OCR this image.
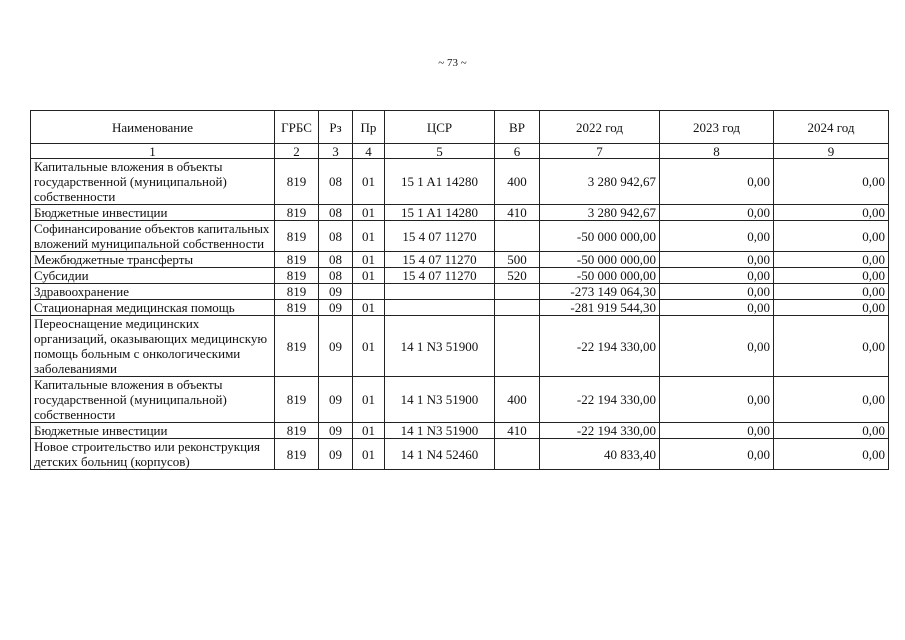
~ 73 ~
Наименование	ГРБС	Рз	Пр	ЦСР	ВР	2022 год	2023 год	2024 год
1	2	3	4	5	6	7	8	9
Капитальные вложения в объекты государственной (муниципальной) собственности	819	08	01	15 1 A1 14280	400	3 280 942,67	0,00	0,00
Бюджетные инвестиции	819	08	01	15 1 A1 14280	410	3 280 942,67	0,00	0,00
Софинансирование объектов капитальных вложений муниципальной собственности	819	08	01	15 4 07 11270		-50 000 000,00	0,00	0,00
Межбюджетные трансферты	819	08	01	15 4 07 11270	500	-50 000 000,00	0,00	0,00
Субсидии	819	08	01	15 4 07 11270	520	-50 000 000,00	0,00	0,00
Здравоохранение	819	09				-273 149 064,30	0,00	0,00
Стационарная медицинская помощь	819	09	01			-281 919 544,30	0,00	0,00
Переоснащение медицинских организаций, оказывающих медицинскую помощь больным с онкологическими заболеваниями	819	09	01	14 1 N3 51900		-22 194 330,00	0,00	0,00
Капитальные вложения в объекты государственной (муниципальной) собственности	819	09	01	14 1 N3 51900	400	-22 194 330,00	0,00	0,00
Бюджетные инвестиции	819	09	01	14 1 N3 51900	410	-22 194 330,00	0,00	0,00
Новое строительство или реконструкция детских больниц (корпусов)	819	09	01	14 1 N4 52460		40 833,40	0,00	0,00
